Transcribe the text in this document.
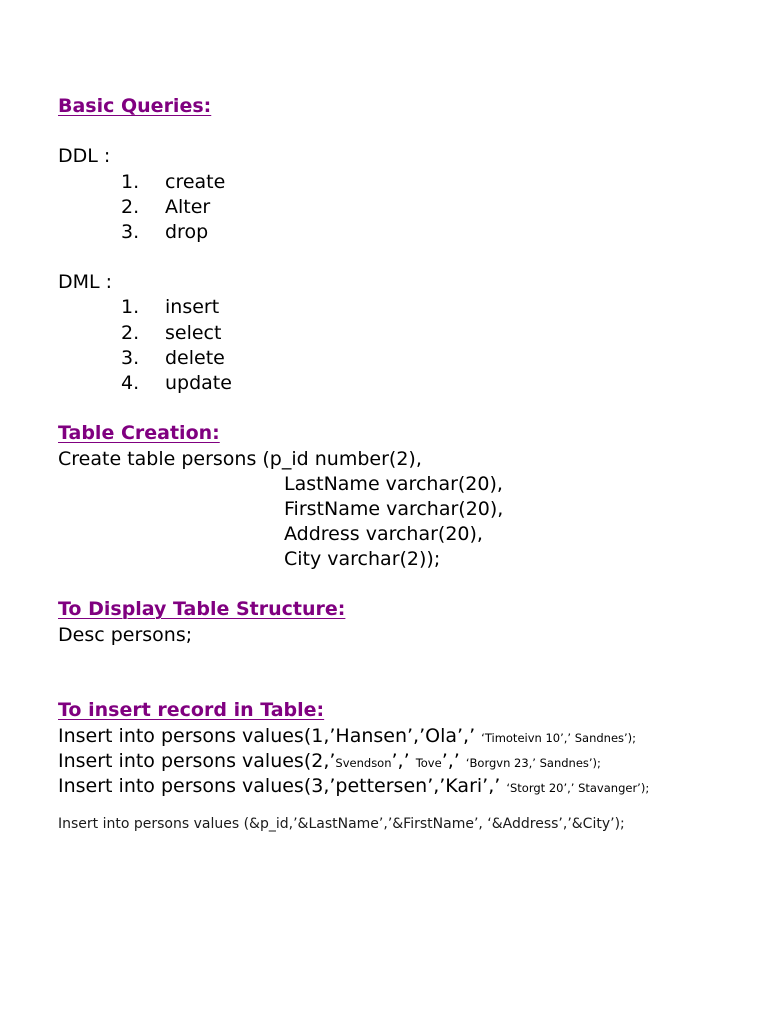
Basic Queries:
DDL :
1. create
2. Alter
3. drop
DML :
1. insert
2. select
3. delete
4. update
Table Creation:
Create table persons (p_id number(2),
LastName varchar(20),
FirstName varchar(20),
Address varchar(20),
City varchar(2));
To Display Table Structure:
Desc persons;
To insert record in Table:
Insert into persons values(1,’Hansen’,’Ola’,’ ‘Timoteivn 10’,’ Sandnes’);
Insert into persons values(2,’Svendson’,’ Tove’,’ ‘Borgvn 23,’ Sandnes’);
Insert into persons values(3,’pettersen’,’Kari’,’ ‘Storgt 20’,’ Stavanger’);
Insert into persons values (&p_id,’&LastName’,’&FirstName’, ‘&Address’,’&City’);
